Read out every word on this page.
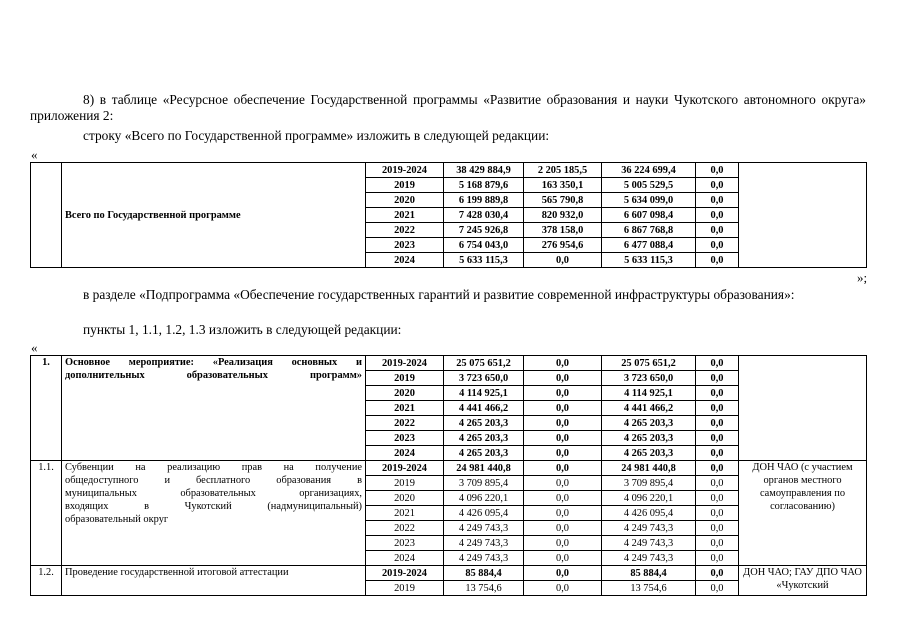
8) в таблице «Ресурсное обеспечение Государственной программы «Развитие образования и науки Чукотского автономного округа» приложения 2:
строку «Всего по Государственной программе» изложить в следующей редакции:
«
	Всего по Государственной программе	2019-2024	38 429 884,9	2 205 185,5	36 224 699,4	0,0	
		2019	5 168 879,6	163 350,1	5 005 529,5	0,0	
		2020	6 199 889,8	565 790,8	5 634 099,0	0,0	
		2021	7 428 030,4	820 932,0	6 607 098,4	0,0	
		2022	7 245 926,8	378 158,0	6 867 768,8	0,0	
		2023	6 754 043,0	276 954,6	6 477 088,4	0,0	
		2024	5 633 115,3	0,0	5 633 115,3	0,0	
»;
в разделе «Подпрограмма «Обеспечение государственных гарантий и развитие современной инфраструктуры образования»:
пункты 1, 1.1, 1.2, 1.3 изложить в следующей редакции:
«
1.	Основное мероприятие: «Реализация основных и дополнительных образовательных программ»	2019-2024	25 075 651,2	0,0	25 075 651,2	0,0	
		2019	3 723 650,0	0,0	3 723 650,0	0,0	
		2020	4 114 925,1	0,0	4 114 925,1	0,0	
		2021	4 441 466,2	0,0	4 441 466,2	0,0	
		2022	4 265 203,3	0,0	4 265 203,3	0,0	
		2023	4 265 203,3	0,0	4 265 203,3	0,0	
		2024	4 265 203,3	0,0	4 265 203,3	0,0	
1.1.	Субвенции на реализацию прав на получение
общедоступного и бесплатного образования в
муниципальных образовательных организациях,
входящих в Чукотский (надмуниципальный)
образовательный округ	2019-2024	24 981 440,8	0,0	24 981 440,8	0,0	ДОН ЧАО (с участием органов местного самоуправления по согласованию)
		2019	3 709 895,4	0,0	3 709 895,4	0,0	
		2020	4 096 220,1	0,0	4 096 220,1	0,0	
		2021	4 426 095,4	0,0	4 426 095,4	0,0	
		2022	4 249 743,3	0,0	4 249 743,3	0,0	
		2023	4 249 743,3	0,0	4 249 743,3	0,0	
		2024	4 249 743,3	0,0	4 249 743,3	0,0	
1.2.	Проведение государственной итоговой аттестации	2019-2024	85 884,4	0,0	85 884,4	0,0	ДОН ЧАО; ГАУ ДПО ЧАО «Чукотский
		2019	13 754,6	0,0	13 754,6	0,0	
